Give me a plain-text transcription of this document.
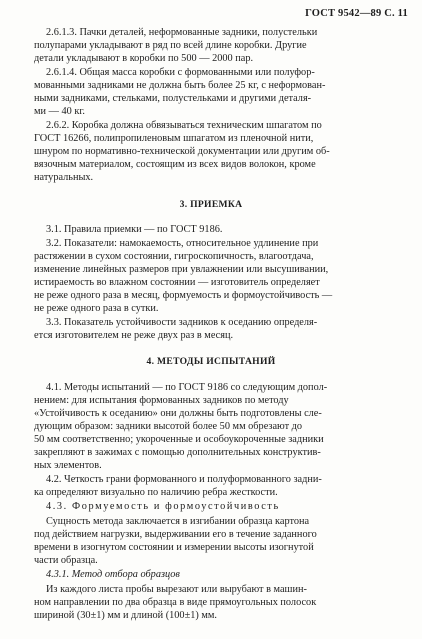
ГОСТ 9542—89 С. 11
2.6.1.3. Пачки деталей, неформованные задники, полустельки
полупарами укладывают в ряд по всей длине коробки. Другие
детали укладывают в коробки по 500 — 2000 пар.
2.6.1.4. Общая масса коробки с формованными или полуфор-
мованными задниками не должна быть более 25 кг, с неформован-
ными задниками, стельками, полустельками и другими деталя-
ми — 40 кг.
2.6.2. Коробка должна обвязываться техническим шпагатом по
ГОСТ 16266, полипропиленовым шпагатом из пленочной нити,
шнуром по нормативно-технической документации или другим об-
вязочным материалом, состоящим из всех видов волокон, кроме
натуральных.
3. ПРИЕМКА
3.1. Правила приемки — по ГОСТ 9186.
3.2. Показатели: намокаемость, относительное удлинение при
растяжении в сухом состоянии, гигроскопичность, влагоотдача,
изменение линейных размеров при увлажнении или высушивании,
истираемость во влажном состоянии — изготовитель определяет
не реже одного раза в месяц, формуемость и формоустойчивость —
не реже одного раза в сутки.
3.3. Показатель устойчивости задников к оседанию определя-
ется изготовителем не реже двух раз в месяц.
4. МЕТОДЫ ИСПЫТАНИЙ
4.1. Методы испытаний — по ГОСТ 9186 со следующим допол-
нением: для испытания формованных задников по методу
«Устойчивость к оседанию» они должны быть подготовлены сле-
дующим образом: задники высотой более 50 мм обрезают до
50 мм соответственно; укороченные и особоукороченные задники
закрепляют в зажимах с помощью дополнительных конструктив-
ных элементов.
4.2. Четкость грани формованного и полуформованного задни-
ка определяют визуально по наличию ребра жесткости.
4.3. Формуемость и формоустойчивость
Сущность метода заключается в изгибании образца картона
под действием нагрузки, выдерживании его в течение заданного
времени в изогнутом состоянии и измерении высоты изогнутой
части образца.
4.3.1. Метод отбора образцов
Из каждого листа пробы вырезают или вырубают в машин-
ном направлении по два образца в виде прямоугольных полосок
шириной (30±1) мм и длиной (100±1) мм.
